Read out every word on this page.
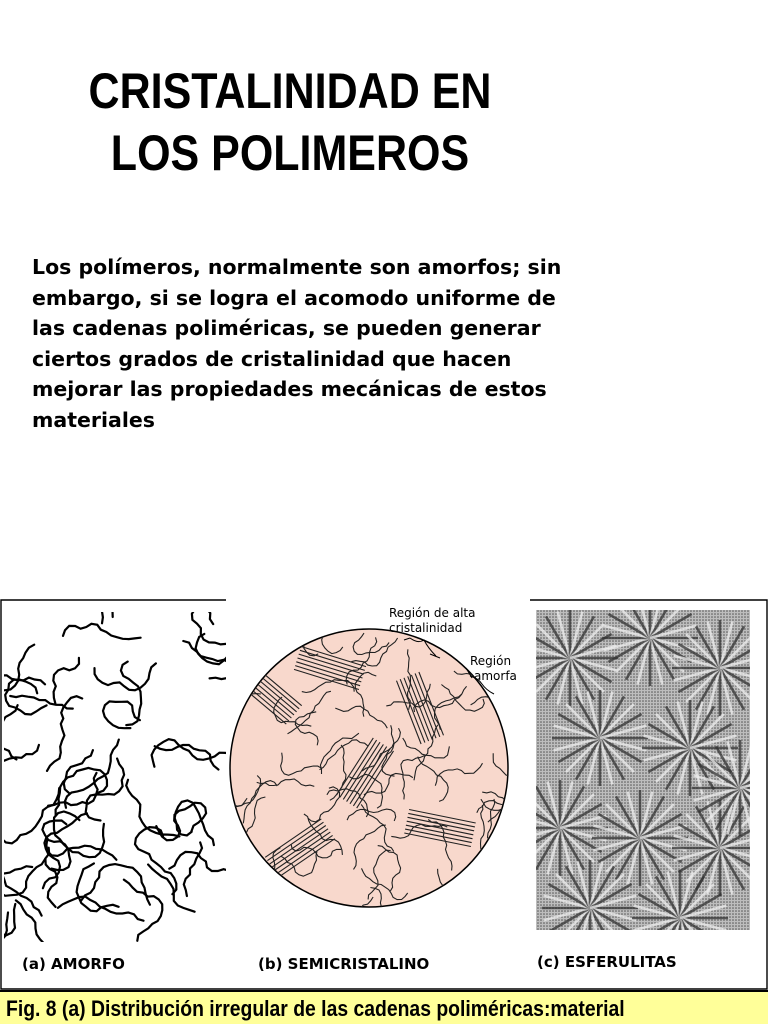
CRISTALINIDAD EN
LOS POLIMEROS

Los polímeros, normalmente son amorfos; sin
embargo, si se logra el acomodo uniforme de
las cadenas poliméricas, se pueden generar
ciertos grados de cristalinidad que hacen
mejorar las propiedades mecánicas de estos
materiales

Región de alta
cristalinidad
Región
amorfa
(a) AMORFO	(b) SEMICRISTALINO	(c) ESFERULITAS
Fig. 8 (a) Distribución irregular de las cadenas poliméricas:material
